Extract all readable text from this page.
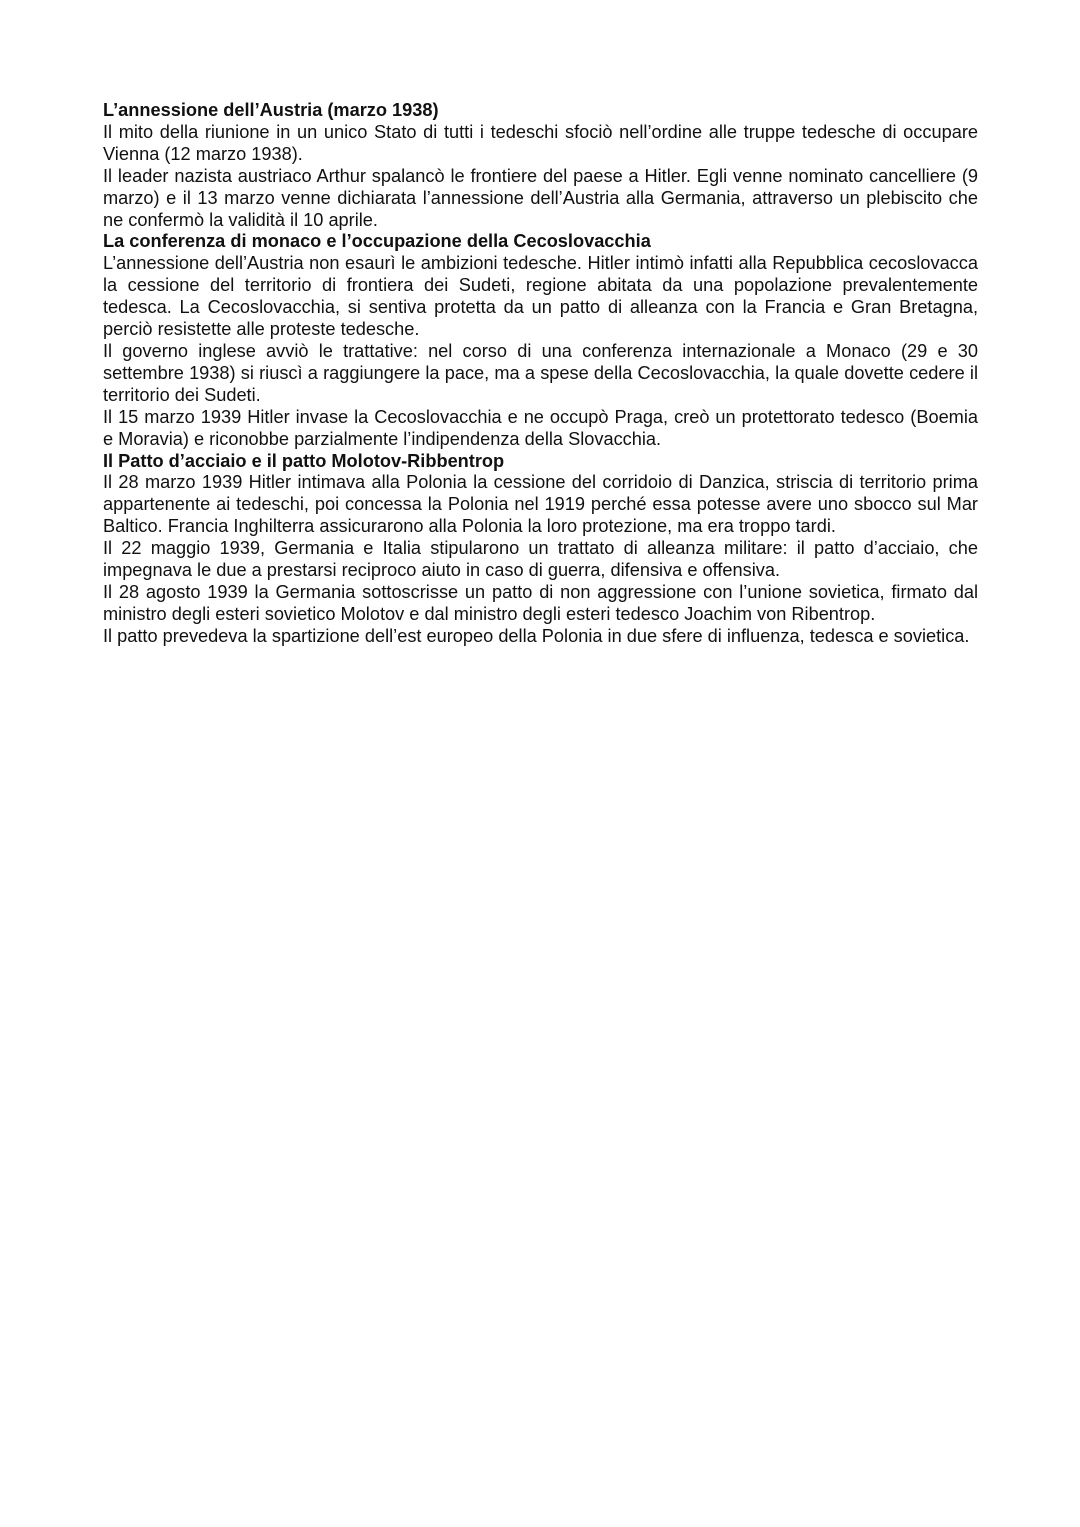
L’annessione dell’Austria (marzo 1938)

Il mito della riunione in un unico Stato di tutti i tedeschi sfociò nell’ordine alle truppe tedesche di occupare Vienna (12 marzo 1938).

Il leader nazista austriaco Arthur spalancò le frontiere del paese a Hitler. Egli venne nominato cancelliere (9 marzo) e il 13 marzo venne dichiarata l’annessione dell’Austria alla Germania, attraverso un plebiscito che ne confermò la validità il 10 aprile.

La conferenza di monaco e l’occupazione della Cecoslovacchia

L’annessione dell’Austria non esaurì le ambizioni tedesche. Hitler intimò infatti alla Repubblica cecoslovacca la cessione del territorio di frontiera dei Sudeti, regione abitata da una popolazione prevalentemente tedesca. La Cecoslovacchia, si sentiva protetta da un patto di alleanza con la Francia e Gran Bretagna, perciò resistette alle proteste tedesche.

Il governo inglese avviò le trattative: nel corso di una conferenza internazionale a Monaco (29 e 30 settembre 1938) si riuscì a raggiungere la pace, ma a spese della Cecoslovacchia, la quale dovette cedere il territorio dei Sudeti.

Il 15 marzo 1939 Hitler invase la Cecoslovacchia e ne occupò Praga, creò un protettorato tedesco (Boemia e Moravia) e riconobbe parzialmente l’indipendenza della Slovacchia.

Il Patto d’acciaio e il patto Molotov-Ribbentrop

Il 28 marzo 1939 Hitler intimava alla Polonia la cessione del corridoio di Danzica, striscia di territorio prima appartenente ai tedeschi, poi concessa la Polonia nel 1919 perché essa potesse avere uno sbocco sul Mar Baltico. Francia Inghilterra assicurarono alla Polonia la loro protezione, ma era troppo tardi.

Il 22 maggio 1939, Germania e Italia stipularono un trattato di alleanza militare: il patto d’acciaio, che impegnava le due a prestarsi reciproco aiuto in caso di guerra, difensiva e offensiva.

Il 28 agosto 1939 la Germania sottoscrisse un patto di non aggressione con l’unione sovietica, firmato dal ministro degli esteri sovietico Molotov e dal ministro degli esteri tedesco Joachim von Ribentrop.

Il patto prevedeva la spartizione dell’est europeo della Polonia in due sfere di influenza, tedesca e sovietica.
